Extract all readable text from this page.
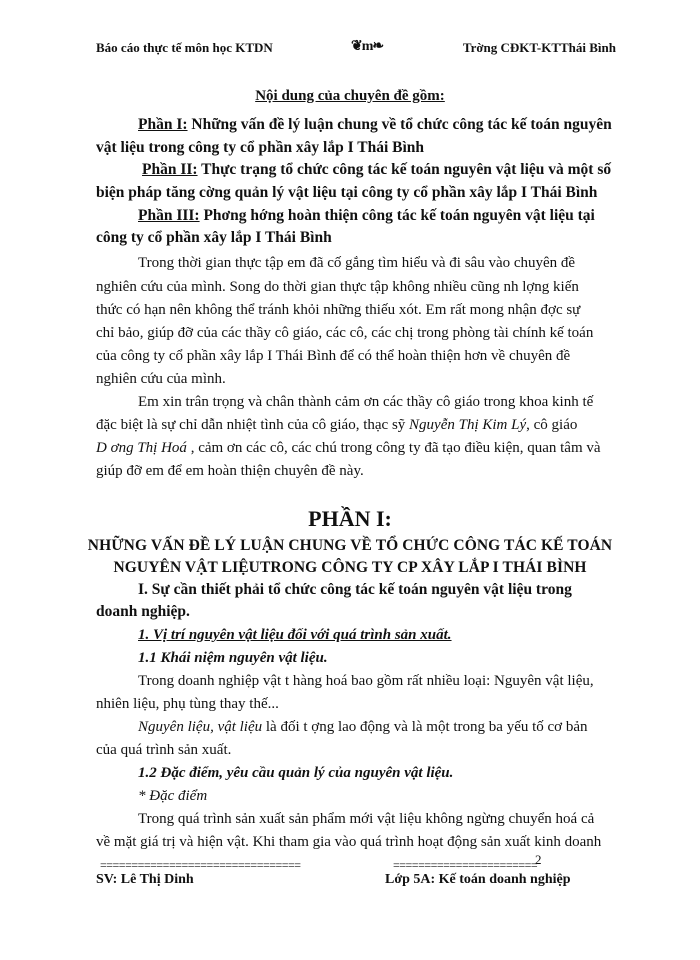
Báo cáo thực tế môn học KTDN	❦m❧	Trờng CĐKT-KTThái Bình
Nội dung của chuyên đề gồm:
Phần I: Những vấn đề lý luận chung về tổ chức công tác kế toán nguyên
vật liệu trong công ty cổ phần xây lắp I Thái Bình
Phần II: Thực trạng tổ chức công tác kế toán nguyên vật liệu và một số
biện pháp tăng cờng quản lý vật liệu tại công ty cổ phần xây lắp I Thái Bình
Phần III: Phơng hớng hoàn thiện công tác kế toán nguyên vật liệu tại
công ty cổ phần xây lắp I Thái Bình
Trong thời gian thực tập em đã cố gắng tìm hiểu và đi sâu vào chuyên đề
nghiên cứu của mình. Song do thời gian thực tập không nhiều cũng nh lợng kiến
thức có hạn nên không thể tránh khỏi những thiếu xót. Em rất mong nhận đợc sự
chỉ bảo, giúp đỡ của các thầy cô giáo, các cô, các chị trong phòng tài chính kế toán
của công ty cổ phần xây lắp I Thái Bình để có thể hoàn thiện hơn về chuyên đề
nghiên cứu của mình.
Em xin trân trọng và chân thành cảm ơn các thầy cô giáo trong khoa kinh tế
đặc biệt là sự chỉ dẫn nhiệt tình của cô giáo, thạc sỹ Nguyễn Thị Kim Lý, cô giáo
D ơng Thị Hoá , cảm ơn các cô, các chú trong công ty đã tạo điều kiện, quan tâm và
giúp đỡ em để em hoàn thiện chuyên đề này.
PHẦN I:
NHỮNG VẤN ĐỀ LÝ LUẬN CHUNG VỀ TỔ CHỨC CÔNG TÁC KẾ TOÁN
NGUYÊN VẬT LIỆUTRONG CÔNG TY CP XÂY LẮP I THÁI BÌNH
I. Sự cần thiết phải tổ chức công tác kế toán nguyên vật liệu trong
doanh nghiệp.
1. Vị trí nguyên vật liệu đối với quá trình sản xuất.
1.1 Khái niệm nguyên vật liệu.
Trong doanh nghiệp vật t hàng hoá bao gồm rất nhiều loại: Nguyên vật liệu,
nhiên liệu, phụ tùng thay thế...
Nguyên liệu, vật liệu là đối t ợng lao động và là một trong ba yếu tố cơ bản
của quá trình sản xuất.
1.2 Đặc điểm, yêu cầu quản lý của nguyên vật liệu.
* Đặc điểm
Trong quá trình sản xuất sản phẩm mới vật liệu không ngừng chuyển hoá cả
về mặt giá trị và hiện vật. Khi tham gia vào quá trình hoạt động sản xuất kinh doanh
================================	=======================
2
SV: Lê Thị Dinh	Lớp 5A: Kế toán doanh nghiệp
